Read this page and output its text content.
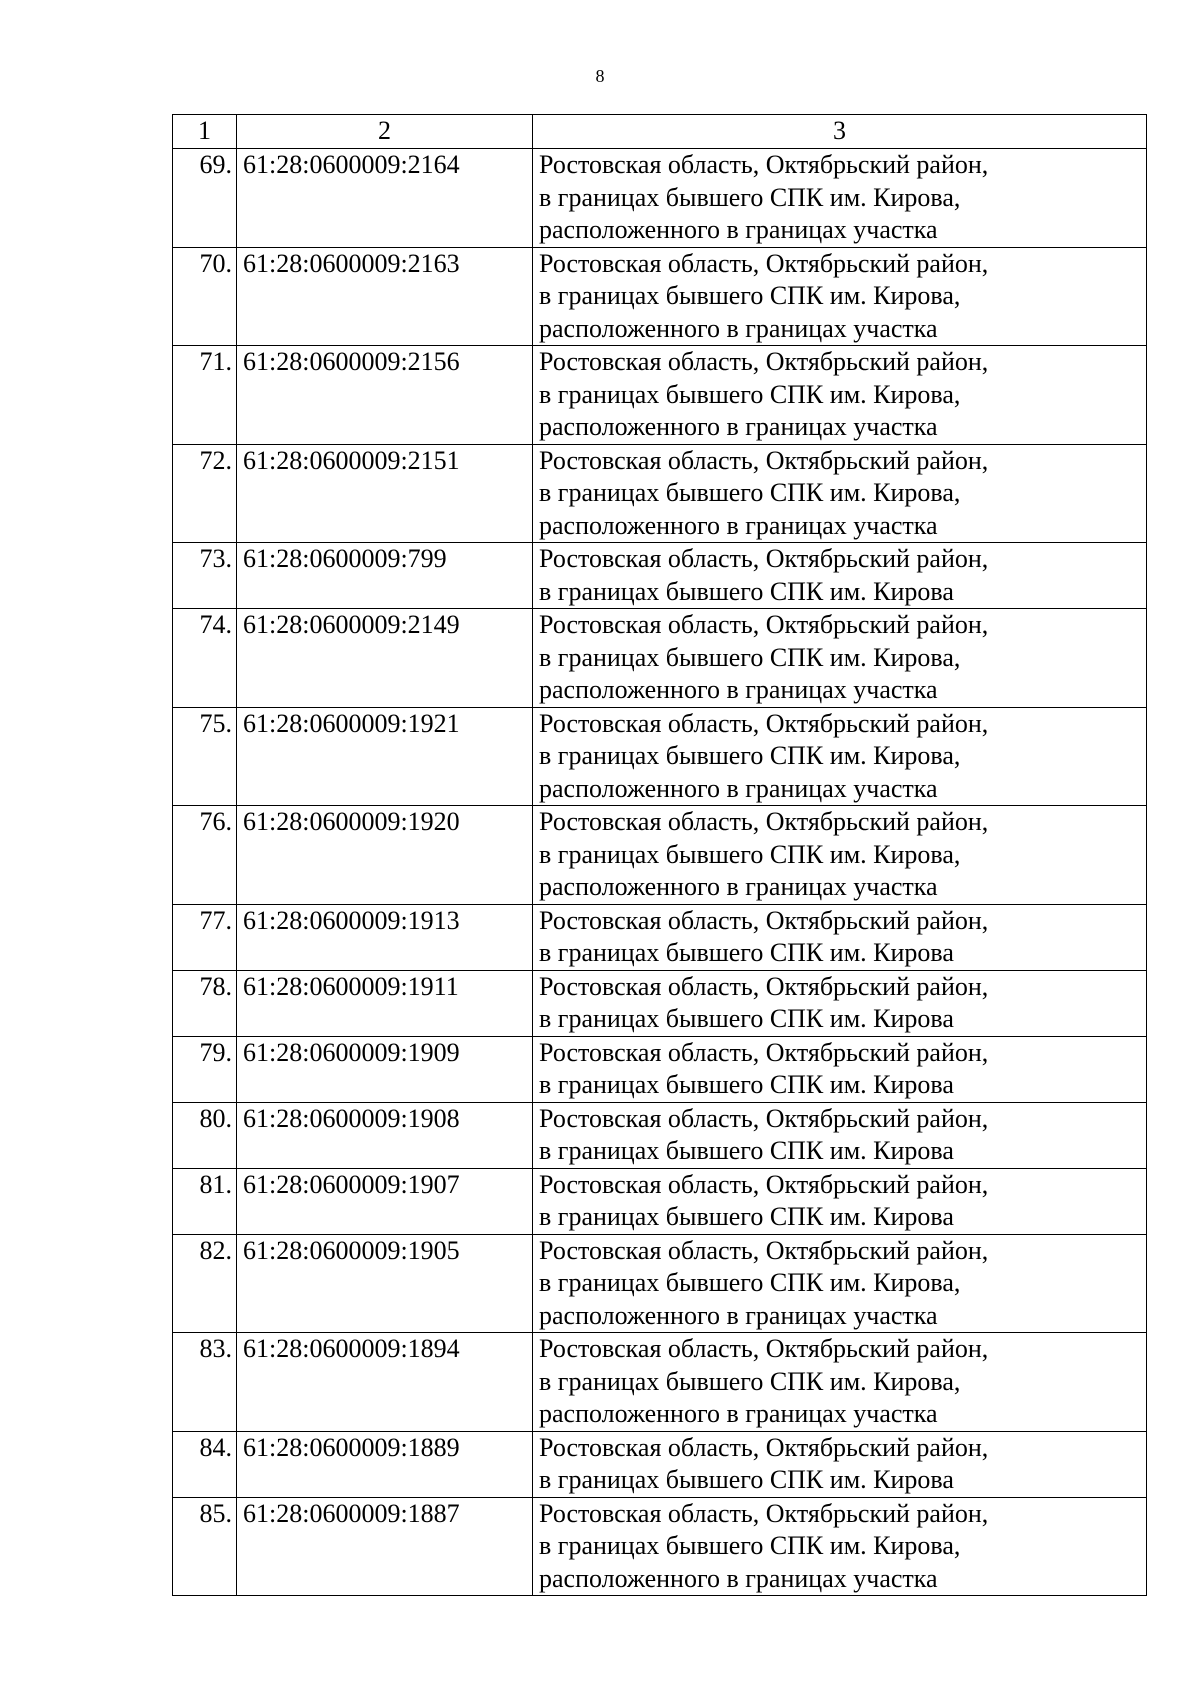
8
1	2	3
69.	61:28:0600009:2164	Ростовская область, Октябрьский район,
в границах бывшего СПК им. Кирова,
расположенного в границах участка

70.	61:28:0600009:2163	Ростовская область, Октябрьский район,
в границах бывшего СПК им. Кирова,
расположенного в границах участка

71.	61:28:0600009:2156	Ростовская область, Октябрьский район,
в границах бывшего СПК им. Кирова,
расположенного в границах участка

72.	61:28:0600009:2151	Ростовская область, Октябрьский район,
в границах бывшего СПК им. Кирова,
расположенного в границах участка

73.	61:28:0600009:799	Ростовская область, Октябрьский район,
в границах бывшего СПК им. Кирова

74.	61:28:0600009:2149	Ростовская область, Октябрьский район,
в границах бывшего СПК им. Кирова,
расположенного в границах участка

75.	61:28:0600009:1921	Ростовская область, Октябрьский район,
в границах бывшего СПК им. Кирова,
расположенного в границах участка

76.	61:28:0600009:1920	Ростовская область, Октябрьский район,
в границах бывшего СПК им. Кирова,
расположенного в границах участка

77.	61:28:0600009:1913	Ростовская область, Октябрьский район,
в границах бывшего СПК им. Кирова

78.	61:28:0600009:1911	Ростовская область, Октябрьский район,
в границах бывшего СПК им. Кирова

79.	61:28:0600009:1909	Ростовская область, Октябрьский район,
в границах бывшего СПК им. Кирова

80.	61:28:0600009:1908	Ростовская область, Октябрьский район,
в границах бывшего СПК им. Кирова

81.	61:28:0600009:1907	Ростовская область, Октябрьский район,
в границах бывшего СПК им. Кирова

82.	61:28:0600009:1905	Ростовская область, Октябрьский район,
в границах бывшего СПК им. Кирова,
расположенного в границах участка

83.	61:28:0600009:1894	Ростовская область, Октябрьский район,
в границах бывшего СПК им. Кирова,
расположенного в границах участка

84.	61:28:0600009:1889	Ростовская область, Октябрьский район,
в границах бывшего СПК им. Кирова

85.	61:28:0600009:1887	Ростовская область, Октябрьский район,
в границах бывшего СПК им. Кирова,
расположенного в границах участка
